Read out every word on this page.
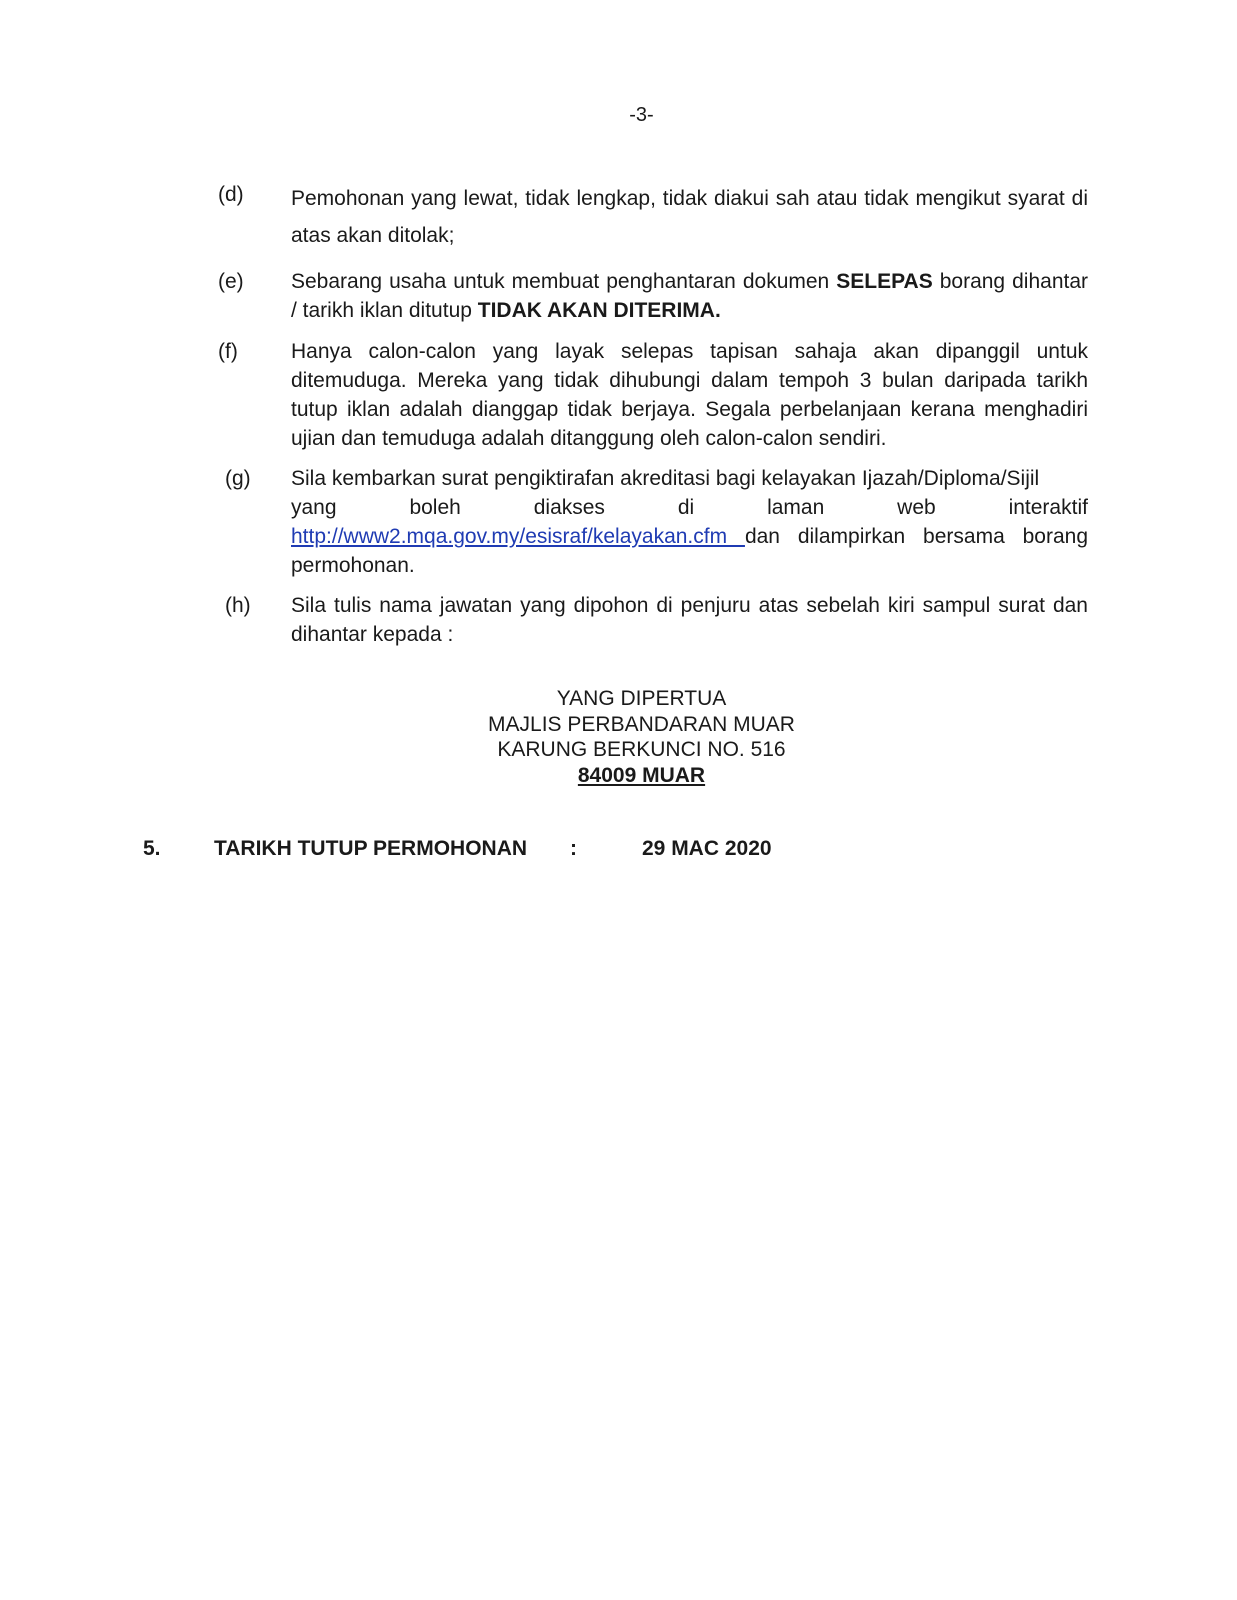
-3-
(d) Pemohonan yang lewat, tidak lengkap, tidak diakui sah atau tidak mengikut syarat di atas akan ditolak;
(e) Sebarang usaha untuk membuat penghantaran dokumen SELEPAS borang dihantar / tarikh iklan ditutup TIDAK AKAN DITERIMA.
(f)	Hanya calon-calon yang layak selepas tapisan sahaja akan dipanggil untuk ditemuduga. Mereka yang tidak dihubungi dalam tempoh 3 bulan daripada tarikh tutup iklan adalah dianggap tidak berjaya. Segala perbelanjaan kerana menghadiri ujian dan temuduga adalah ditanggung oleh calon-calon sendiri.
(g) Sila kembarkan surat pengiktirafan akreditasi bagi kelayakan Ijazah/Diploma/Sijil
yang	boleh	diakses	di	laman	web	interaktif
http://www2.mqa.gov.my/esisraf/kelayakan.cfm dan dilampirkan bersama borang permohonan.
(h) Sila tulis nama jawatan yang dipohon di penjuru atas sebelah kiri sampul surat dan dihantar kepada :
YANG DIPERTUA
MAJLIS PERBANDARAN MUAR
KARUNG BERKUNCI NO. 516
84009 MUAR
5.	TARIKH TUTUP PERMOHONAN :	29 MAC 2020
